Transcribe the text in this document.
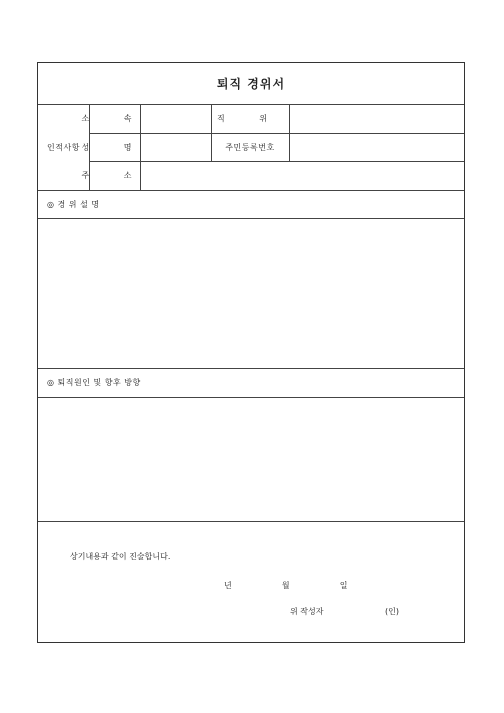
퇴직 경위서
인적사항
소 속	직 위
성 명	주민등록번호
주 소
◎ 경 위 설 명
◎ 퇴직원인 및 향후 방향
상기내용과 같이 진술합니다.
년    월    일
위 작성자	(인)
